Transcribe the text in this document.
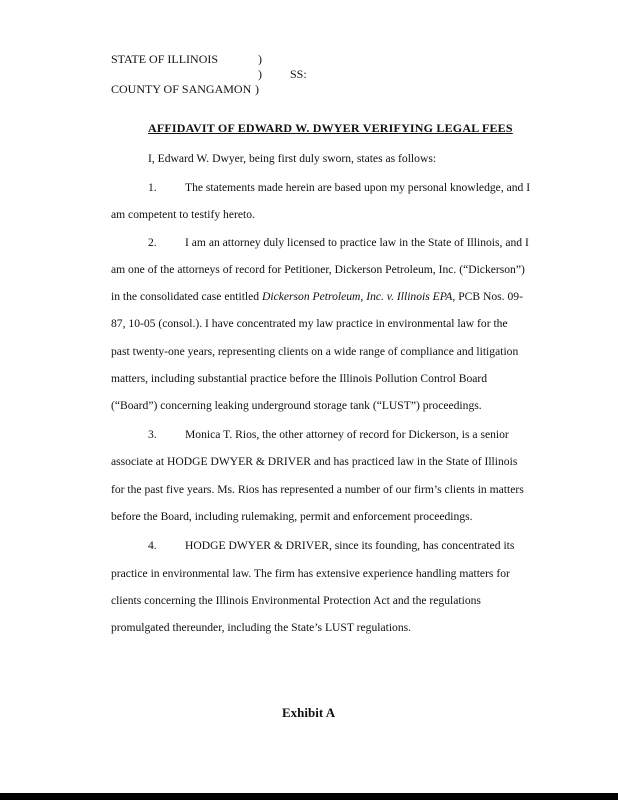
STATE OF ILLINOIS	)
) SS:
COUNTY OF SANGAMON )
AFFIDAVIT OF EDWARD W. DWYER VERIFYING LEGAL FEES
I, Edward W. Dwyer, being first duly sworn, states as follows:
1. The statements made herein are based upon my personal knowledge, and I
am competent to testify hereto.
2. I am an attorney duly licensed to practice law in the State of Illinois, and I
am one of the attorneys of record for Petitioner, Dickerson Petroleum, Inc. (“Dickerson”)
in the consolidated case entitled Dickerson Petroleum, Inc. v. Illinois EPA, PCB Nos. 09-
87, 10-05 (consol.). I have concentrated my law practice in environmental law for the
past twenty-one years, representing clients on a wide range of compliance and litigation
matters, including substantial practice before the Illinois Pollution Control Board
(“Board”) concerning leaking underground storage tank (“LUST”) proceedings.
3. Monica T. Rios, the other attorney of record for Dickerson, is a senior
associate at HODGE DWYER & DRIVER and has practiced law in the State of Illinois
for the past five years. Ms. Rios has represented a number of our firm’s clients in matters
before the Board, including rulemaking, permit and enforcement proceedings.
4. HODGE DWYER & DRIVER, since its founding, has concentrated its
practice in environmental law. The firm has extensive experience handling matters for
clients concerning the Illinois Environmental Protection Act and the regulations
promulgated thereunder, including the State’s LUST regulations.
Exhibit A
